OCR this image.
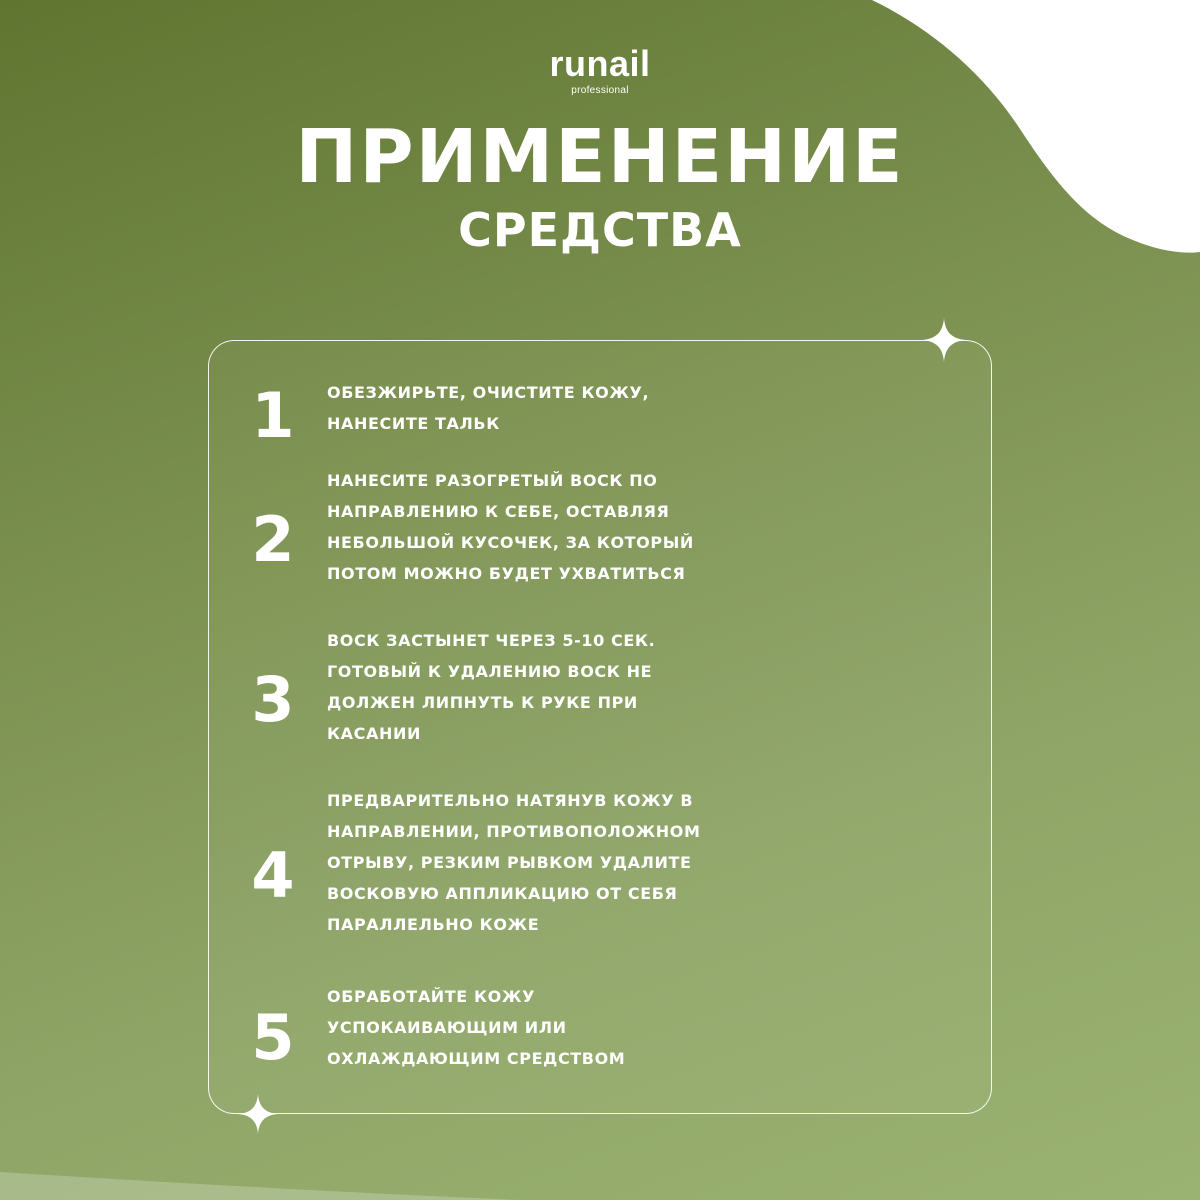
runail
professional
ПРИМЕНЕНИЕ
СРЕДСТВА
1	ОБЕЗЖИРЬТЕ, ОЧИСТИТЕ КОЖУ,
НАНЕСИТЕ ТАЛЬК
2
НАНЕСИТЕ РАЗОГРЕТЫЙ ВОСК ПО
НАПРАВЛЕНИЮ К СЕБЕ, ОСТАВЛЯЯ
НЕБОЛЬШОЙ КУСОЧЕК, ЗА КОТОРЫЙ
ПОТОМ МОЖНО БУДЕТ УХВАТИТЬСЯ
3
ВОСК ЗАСТЫНЕТ ЧЕРЕЗ 5-10 СЕК.
ГОТОВЫЙ К УДАЛЕНИЮ ВОСК НЕ
ДОЛЖЕН ЛИПНУТЬ К РУКЕ ПРИ
КАСАНИИ
4
ПРЕДВАРИТЕЛЬНО НАТЯНУВ КОЖУ В
НАПРАВЛЕНИИ, ПРОТИВОПОЛОЖНОМ
ОТРЫВУ, РЕЗКИМ РЫВКОМ УДАЛИТЕ
ВОСКОВУЮ АППЛИКАЦИЮ ОТ СЕБЯ
ПАРАЛЛЕЛЬНО КОЖЕ
5
ОБРАБОТАЙТЕ КОЖУ
УСПОКАИВАЮЩИМ ИЛИ
ОХЛАЖДАЮЩИМ СРЕДСТВОМ
